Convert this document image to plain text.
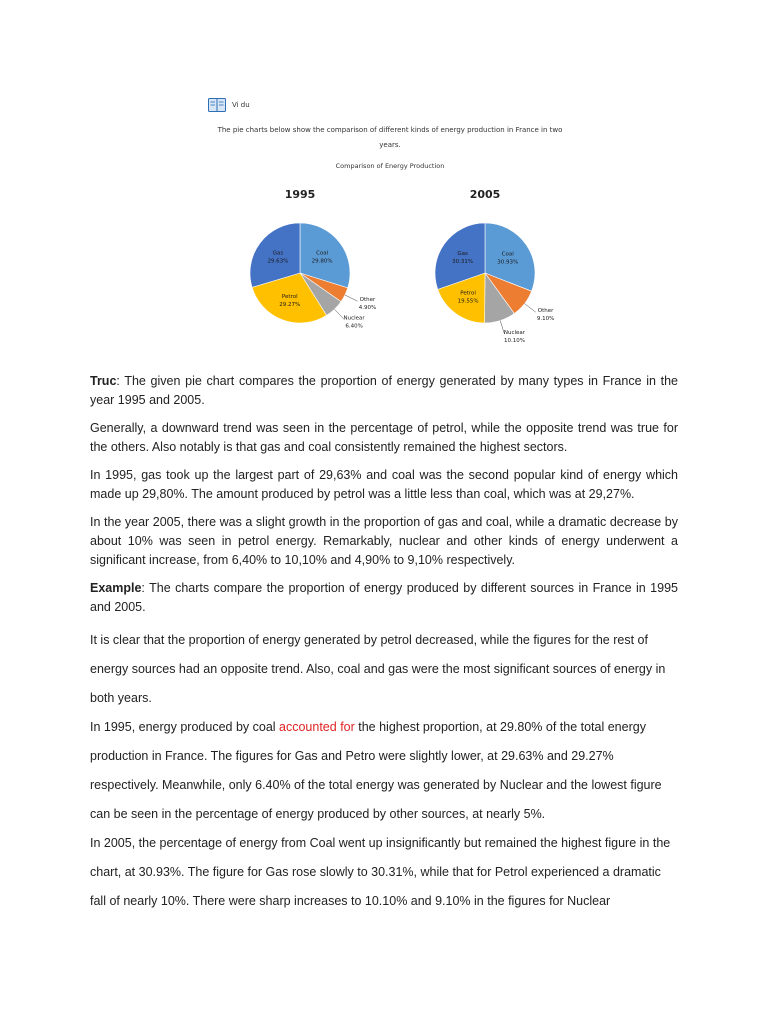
Vi du
The pie charts below show the comparison of different kinds of energy production in France in two
years.
Comparison of Energy Production
1995
Coal
29.80%
Other
4.90%
Nuclear
6.40%
Petrol
29.27%
Gas
29.63%
2005
Coal
30.93%
Other
9.10%
Nuclear
10.10%
Petrol
19.55%
Gas
30.31%

Truc: The given pie chart compares the proportion of energy generated by many types in France in the year 1995 and 2005.

Generally, a downward trend was seen in the percentage of petrol, while the opposite trend was true for the others. Also notably is that gas and coal consistently remained the highest sectors.

In 1995, gas took up the largest part of 29,63% and coal was the second popular kind of energy which made up 29,80%. The amount produced by petrol was a little less than coal, which was at 29,27%.

In the year 2005, there was a slight growth in the proportion of gas and coal, while a dramatic decrease by about 10% was seen in petrol energy. Remarkably, nuclear and other kinds of energy underwent a significant increase, from 6,40% to 10,10% and 4,90% to 9,10% respectively.

Example: The charts compare the proportion of energy produced by different sources in France in 1995 and 2005.

It is clear that the proportion of energy generated by petrol decreased, while the figures for the rest of energy sources had an opposite trend. Also, coal and gas were the most significant sources of energy in both years.

In 1995, energy produced by coal accounted for the highest proportion, at 29.80% of the total energy production in France. The figures for Gas and Petro were slightly lower, at 29.63% and 29.27% respectively. Meanwhile, only 6.40% of the total energy was generated by Nuclear and the lowest figure can be seen in the percentage of energy produced by other sources, at nearly 5%.

In 2005, the percentage of energy from Coal went up insignificantly but remained the highest figure in the chart, at 30.93%. The figure for Gas rose slowly to 30.31%, while that for Petrol experienced a dramatic fall of nearly 10%. There were sharp increases to 10.10% and 9.10% in the figures for Nuclear
